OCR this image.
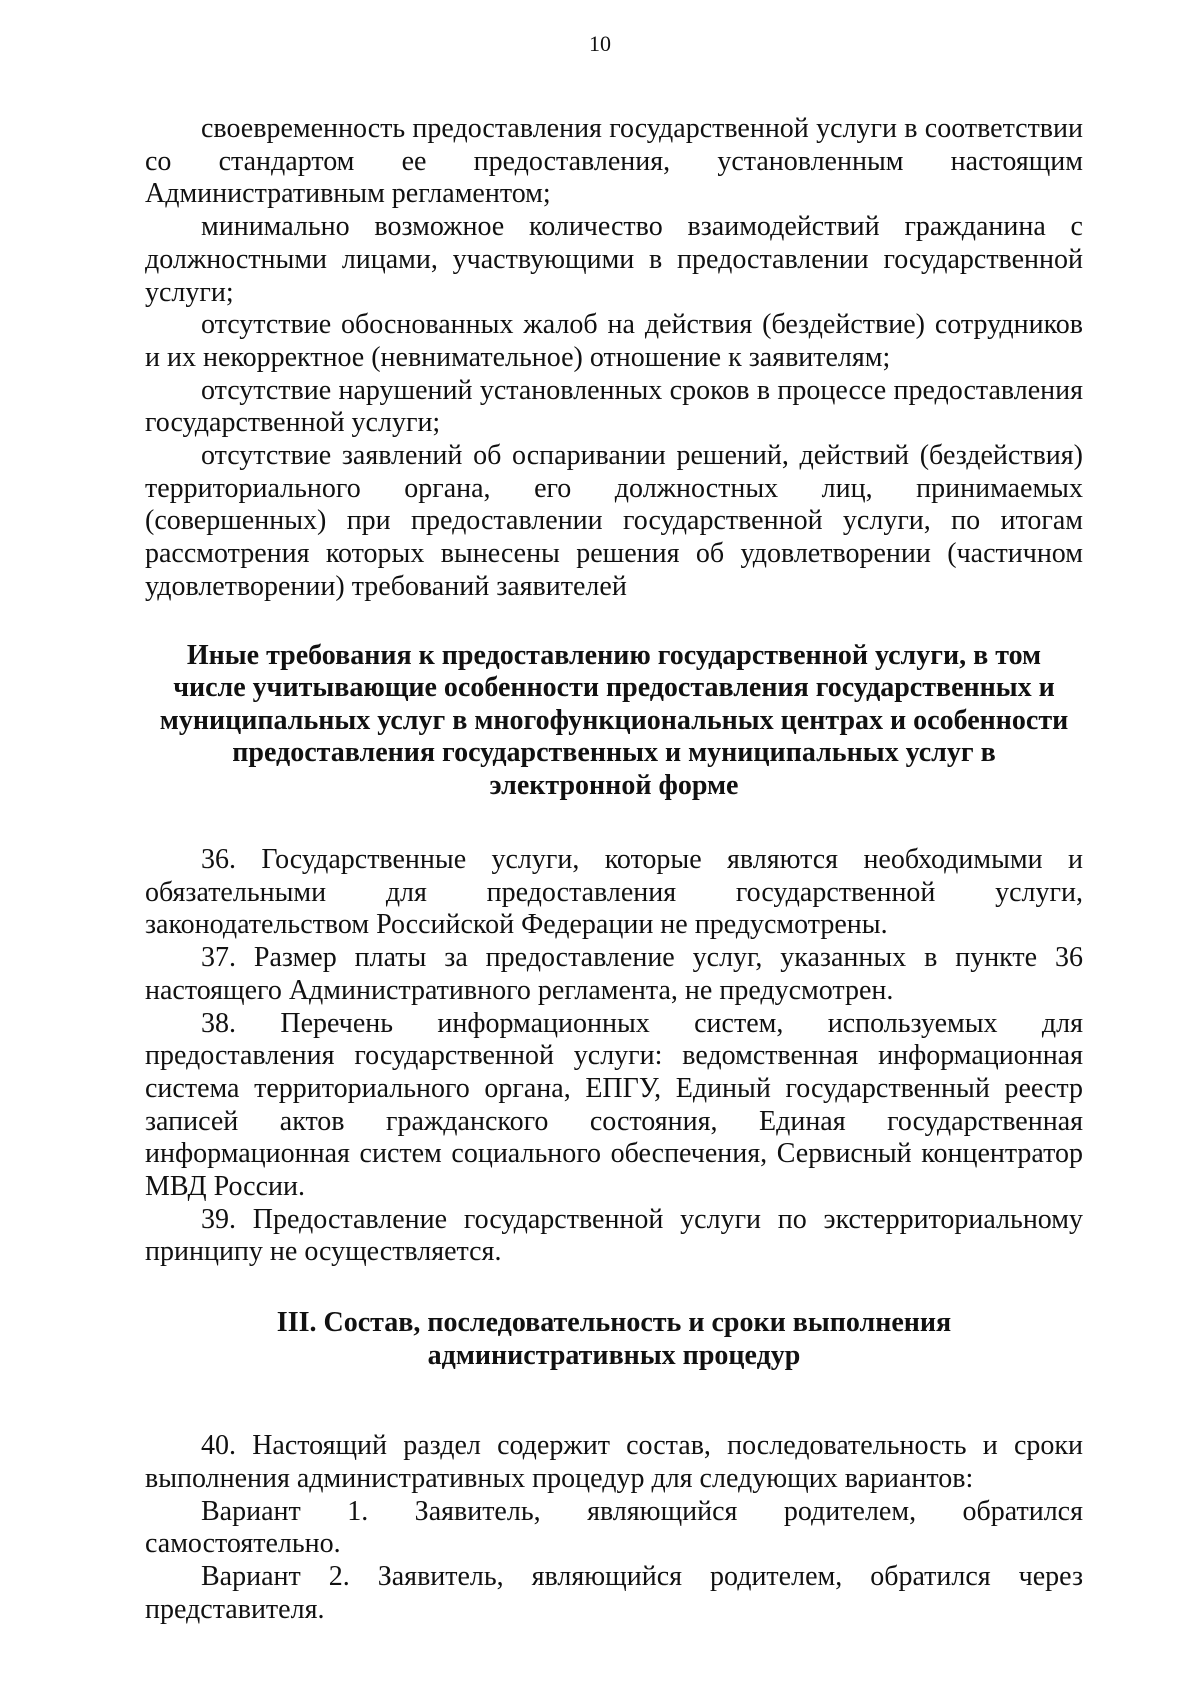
10

своевременность предоставления государственной услуги в соответствии со стандартом ее предоставления, установленным настоящим Административным регламентом;

минимально возможное количество взаимодействий гражданина с должностными лицами, участвующими в предоставлении государственной услуги;

отсутствие обоснованных жалоб на действия (бездействие) сотрудников и их некорректное (невнимательное) отношение к заявителям;

отсутствие нарушений установленных сроков в процессе предоставления государственной услуги;

отсутствие заявлений об оспаривании решений, действий (бездействия) территориального органа, его должностных лиц, принимаемых (совершенных) при предоставлении государственной услуги, по итогам рассмотрения которых вынесены решения об удовлетворении (частичном удовлетворении) требований заявителей

Иные требования к предоставлению государственной услуги, в том числе учитывающие особенности предоставления государственных и муниципальных услуг в многофункциональных центрах и особенности предоставления государственных и муниципальных услуг в электронной форме

36. Государственные услуги, которые являются необходимыми и обязательными для предоставления государственной услуги, законодательством Российской Федерации не предусмотрены.

37. Размер платы за предоставление услуг, указанных в пункте 36 настоящего Административного регламента, не предусмотрен.

38. Перечень информационных систем, используемых для предоставления государственной услуги: ведомственная информационная система территориального органа, ЕПГУ, Единый государственный реестр записей актов гражданского состояния, Единая государственная информационная систем социального обеспечения, Сервисный концентратор МВД России.

39. Предоставление государственной услуги по экстерриториальному принципу не осуществляется.

III. Состав, последовательность и сроки выполнения
административных процедур

40. Настоящий раздел содержит состав, последовательность и сроки выполнения административных процедур для следующих вариантов:

Вариант 1. Заявитель, являющийся родителем, обратился самостоятельно.

Вариант 2. Заявитель, являющийся родителем, обратился через представителя.
